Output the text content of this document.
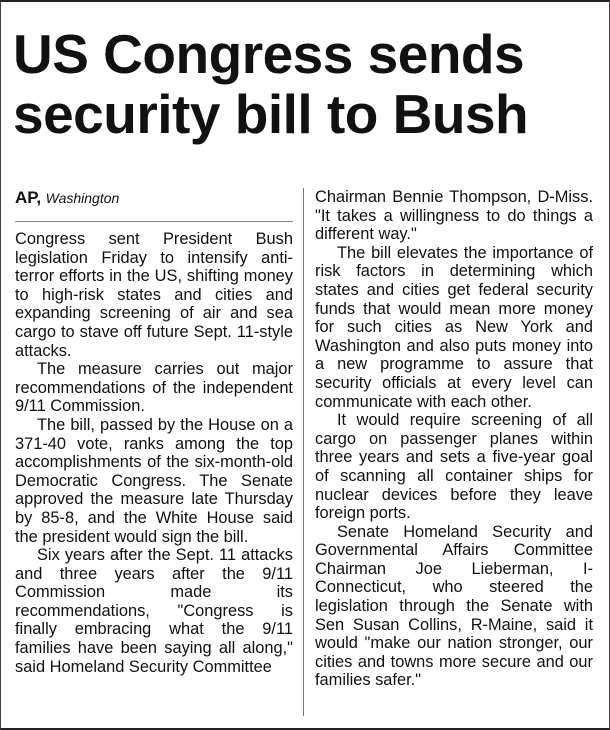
US Congress sends security bill to Bush
AP, Washington

Congress sent President Bush legislation Friday to intensify anti-terror efforts in the US, shifting money to high-risk states and cities and expanding screening of air and sea cargo to stave off future Sept. 11-style attacks.

The measure carries out major recommendations of the independent 9/11 Commission.

The bill, passed by the House on a 371-40 vote, ranks among the top accomplishments of the six-month-old Democratic Congress. The Senate approved the measure late Thursday by 85-8, and the White House said the president would sign the bill.

Six years after the Sept. 11 attacks and three years after the 9/11 Commission made its recommendations, "Congress is finally embracing what the 9/11 families have been saying all along," said Homeland Security Committee

Chairman Bennie Thompson, D-Miss. "It takes a willingness to do things a different way."

The bill elevates the importance of risk factors in determining which states and cities get federal security funds that would mean more money for such cities as New York and Washington and also puts money into a new programme to assure that security officials at every level can communicate with each other.

It would require screening of all cargo on passenger planes within three years and sets a five-year goal of scanning all container ships for nuclear devices before they leave foreign ports.

Senate Homeland Security and Governmental Affairs Committee Chairman Joe Lieberman, I-Connecticut, who steered the legislation through the Senate with Sen Susan Collins, R-Maine, said it would "make our nation stronger, our cities and towns more secure and our families safer."
